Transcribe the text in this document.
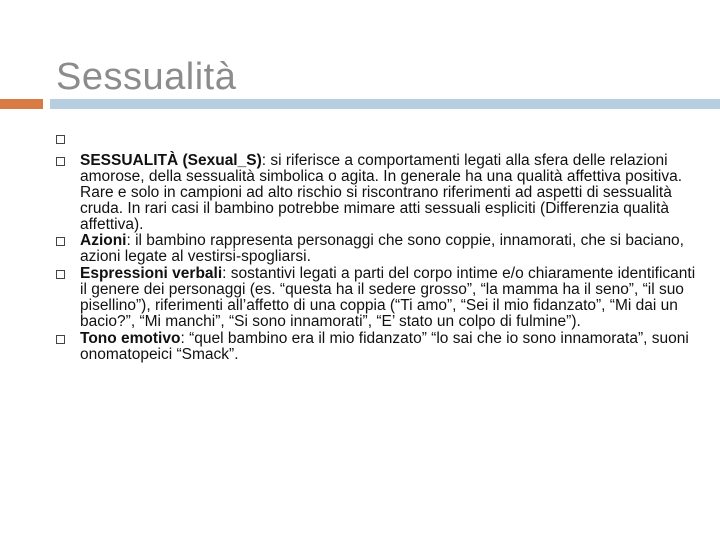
Sessualità
SESSUALITÀ (Sexual_S): si riferisce a comportamenti legati alla sfera delle relazioni amorose, della sessualità simbolica o agita. In generale ha una qualità affettiva positiva. Rare e solo in campioni ad alto rischio si riscontrano riferimenti ad aspetti di sessualità cruda. In rari casi il bambino potrebbe mimare atti sessuali espliciti (Differenzia qualità affettiva).
Azioni: il bambino rappresenta personaggi che sono coppie, innamorati, che si baciano, azioni legate al vestirsi-spogliarsi.
Espressioni verbali: sostantivi legati a parti del corpo intime e/o chiaramente identificanti il genere dei personaggi (es. “questa ha il sedere grosso”, “la mamma ha il seno”, “il suo pisellino”), riferimenti all’affetto di una coppia (“Ti amo”, “Sei il mio fidanzato”, “Mi dai un bacio?”, “Mi manchi”, “Si sono innamorati”, “E’ stato un colpo di fulmine”).
Tono emotivo: “quel bambino era il mio fidanzato” “lo sai che io sono innamorata”, suoni onomatopeici “Smack”.
